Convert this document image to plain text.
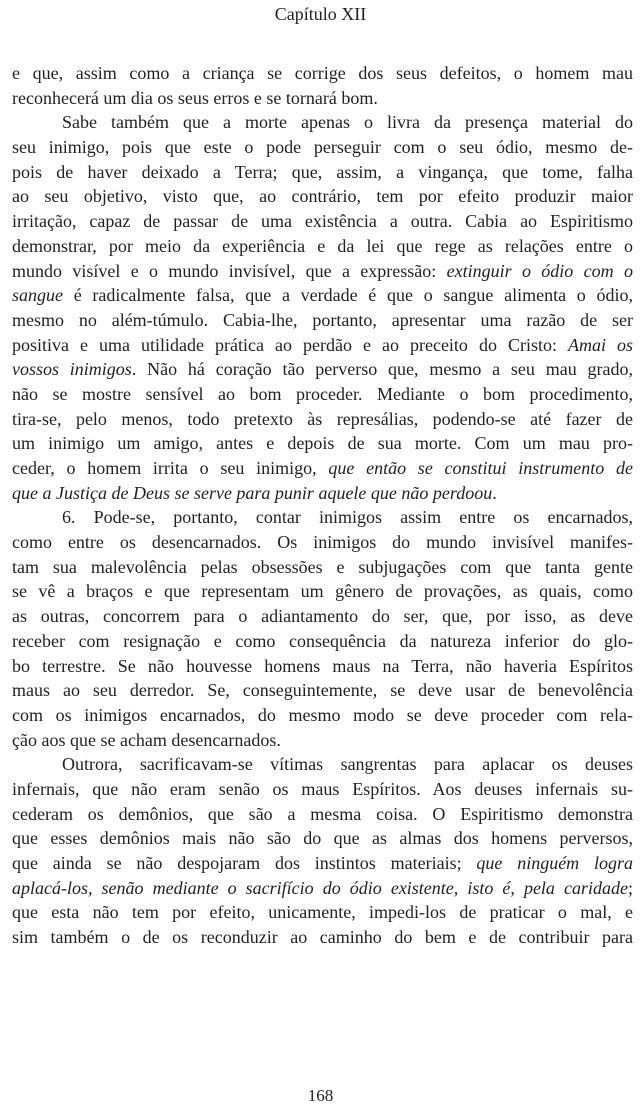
Capítulo XII
e que, assim como a criança se corrige dos seus defeitos, o homem mau
reconhecerá um dia os seus erros e se tornará bom.
Sabe também que a morte apenas o livra da presença material do
seu inimigo, pois que este o pode perseguir com o seu ódio, mesmo de-
pois de haver deixado a Terra; que, assim, a vingança, que tome, falha
ao seu objetivo, visto que, ao contrário, tem por efeito produzir maior
irritação, capaz de passar de uma existência a outra. Cabia ao Espiritismo
demonstrar, por meio da experiência e da lei que rege as relações entre o
mundo visível e o mundo invisível, que a expressão: extinguir o ódio com o
sangue é radicalmente falsa, que a verdade é que o sangue alimenta o ódio,
mesmo no além-túmulo. Cabia-lhe, portanto, apresentar uma razão de ser
positiva e uma utilidade prática ao perdão e ao preceito do Cristo: Amai os
vossos inimigos. Não há coração tão perverso que, mesmo a seu mau grado,
não se mostre sensível ao bom proceder. Mediante o bom procedimento,
tira-se, pelo menos, todo pretexto às represálias, podendo-se até fazer de
um inimigo um amigo, antes e depois de sua morte. Com um mau pro-
ceder, o homem irrita o seu inimigo, que então se constitui instrumento de
que a Justiça de Deus se serve para punir aquele que não perdoou.
6. Pode-se, portanto, contar inimigos assim entre os encarnados,
como entre os desencarnados. Os inimigos do mundo invisível manifes-
tam sua malevolência pelas obsessões e subjugações com que tanta gente
se vê a braços e que representam um gênero de provações, as quais, como
as outras, concorrem para o adiantamento do ser, que, por isso, as deve
receber com resignação e como consequência da natureza inferior do glo-
bo terrestre. Se não houvesse homens maus na Terra, não haveria Espíritos
maus ao seu derredor. Se, conseguintemente, se deve usar de benevolência
com os inimigos encarnados, do mesmo modo se deve proceder com rela-
ção aos que se acham desencarnados.
Outrora, sacrificavam-se vítimas sangrentas para aplacar os deuses
infernais, que não eram senão os maus Espíritos. Aos deuses infernais su-
cederam os demônios, que são a mesma coisa. O Espiritismo demonstra
que esses demônios mais não são do que as almas dos homens perversos,
que ainda se não despojaram dos instintos materiais; que ninguém logra
aplacá-los, senão mediante o sacrifício do ódio existente, isto é, pela caridade;
que esta não tem por efeito, unicamente, impedi-los de praticar o mal, e
sim também o de os reconduzir ao caminho do bem e de contribuir para
168
